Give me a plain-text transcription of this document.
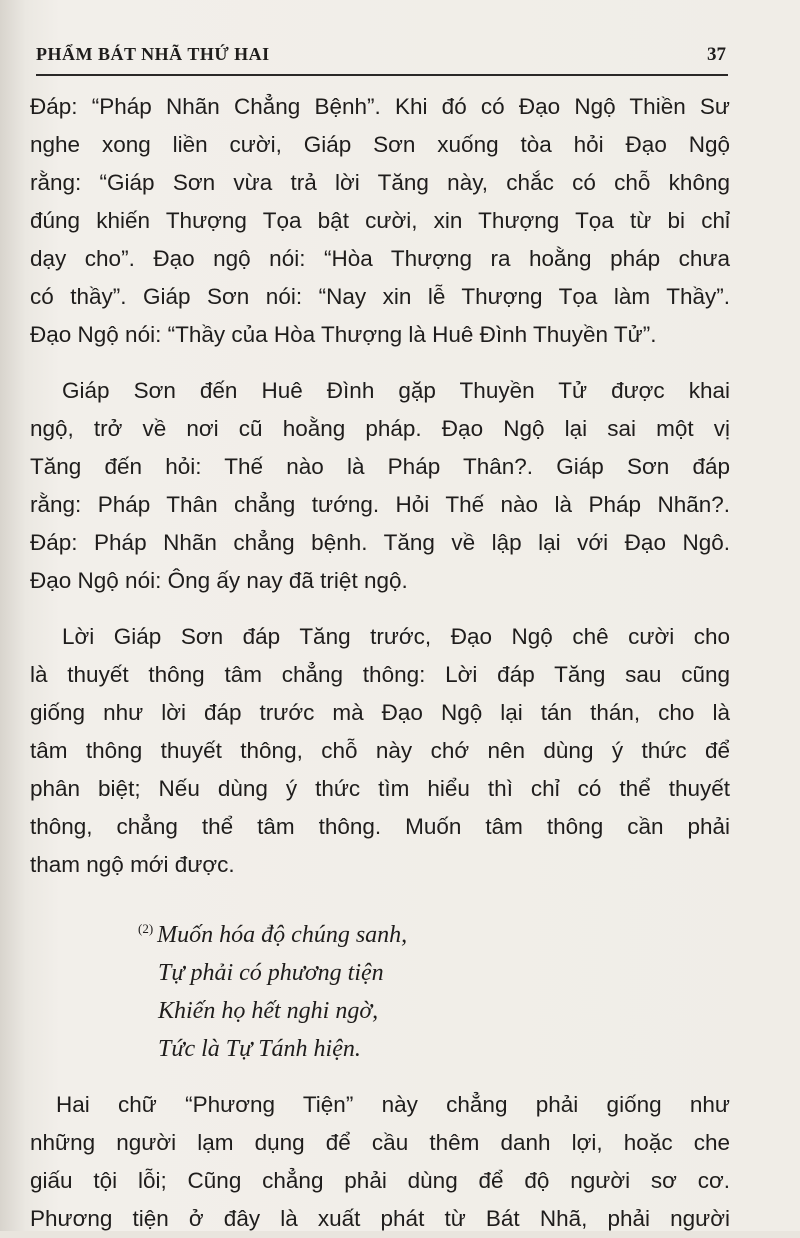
PHẨM BÁT NHÃ THỨ HAI	37
Đáp: “Pháp Nhãn Chẳng Bệnh”. Khi đó có Đạo Ngộ Thiền Sư
nghe xong liền cười, Giáp Sơn xuống tòa hỏi Đạo Ngộ
rằng: “Giáp Sơn vừa trả lời Tăng này, chắc có chỗ không
đúng khiến Thượng Tọa bật cười, xin Thượng Tọa từ bi chỉ
dạy cho”. Đạo ngộ nói: “Hòa Thượng ra hoằng pháp chưa
có thầy”. Giáp Sơn nói: “Nay xin lễ Thượng Tọa làm Thầy”.
Đạo Ngộ nói: “Thầy của Hòa Thượng là Huê Đình Thuyền Tử”.
Giáp Sơn đến Huê Đình gặp Thuyền Tử được khai
ngộ, trở về nơi cũ hoằng pháp. Đạo Ngộ lại sai một vị
Tăng đến hỏi: Thế nào là Pháp Thân?. Giáp Sơn đáp
rằng: Pháp Thân chẳng tướng. Hỏi Thế nào là Pháp Nhãn?.
Đáp: Pháp Nhãn chẳng bệnh. Tăng về lập lại với Đạo Ngô.
Đạo Ngộ nói: Ông ấy nay đã triệt ngộ.
Lời Giáp Sơn đáp Tăng trước, Đạo Ngộ chê cười cho
là thuyết thông tâm chẳng thông: Lời đáp Tăng sau cũng
giống như lời đáp trước mà Đạo Ngộ lại tán thán, cho là
tâm thông thuyết thông, chỗ này chớ nên dùng ý thức để
phân biệt; Nếu dùng ý thức tìm hiểu thì chỉ có thể thuyết
thông, chẳng thể tâm thông. Muốn tâm thông cần phải
tham ngộ mới được.
$^{(2)}$ Muốn hóa độ chúng sanh,
Tự phải có phương tiện
Khiến họ hết nghi ngờ,
Tức là Tự Tánh hiện.
Hai chữ “Phương Tiện” này chẳng phải giống như
những người lạm dụng để cầu thêm danh lợi, hoặc che
giấu tội lỗi; Cũng chẳng phải dùng để độ người sơ cơ.
Phương tiện ở đây là xuất phát từ Bát Nhã, phải người
